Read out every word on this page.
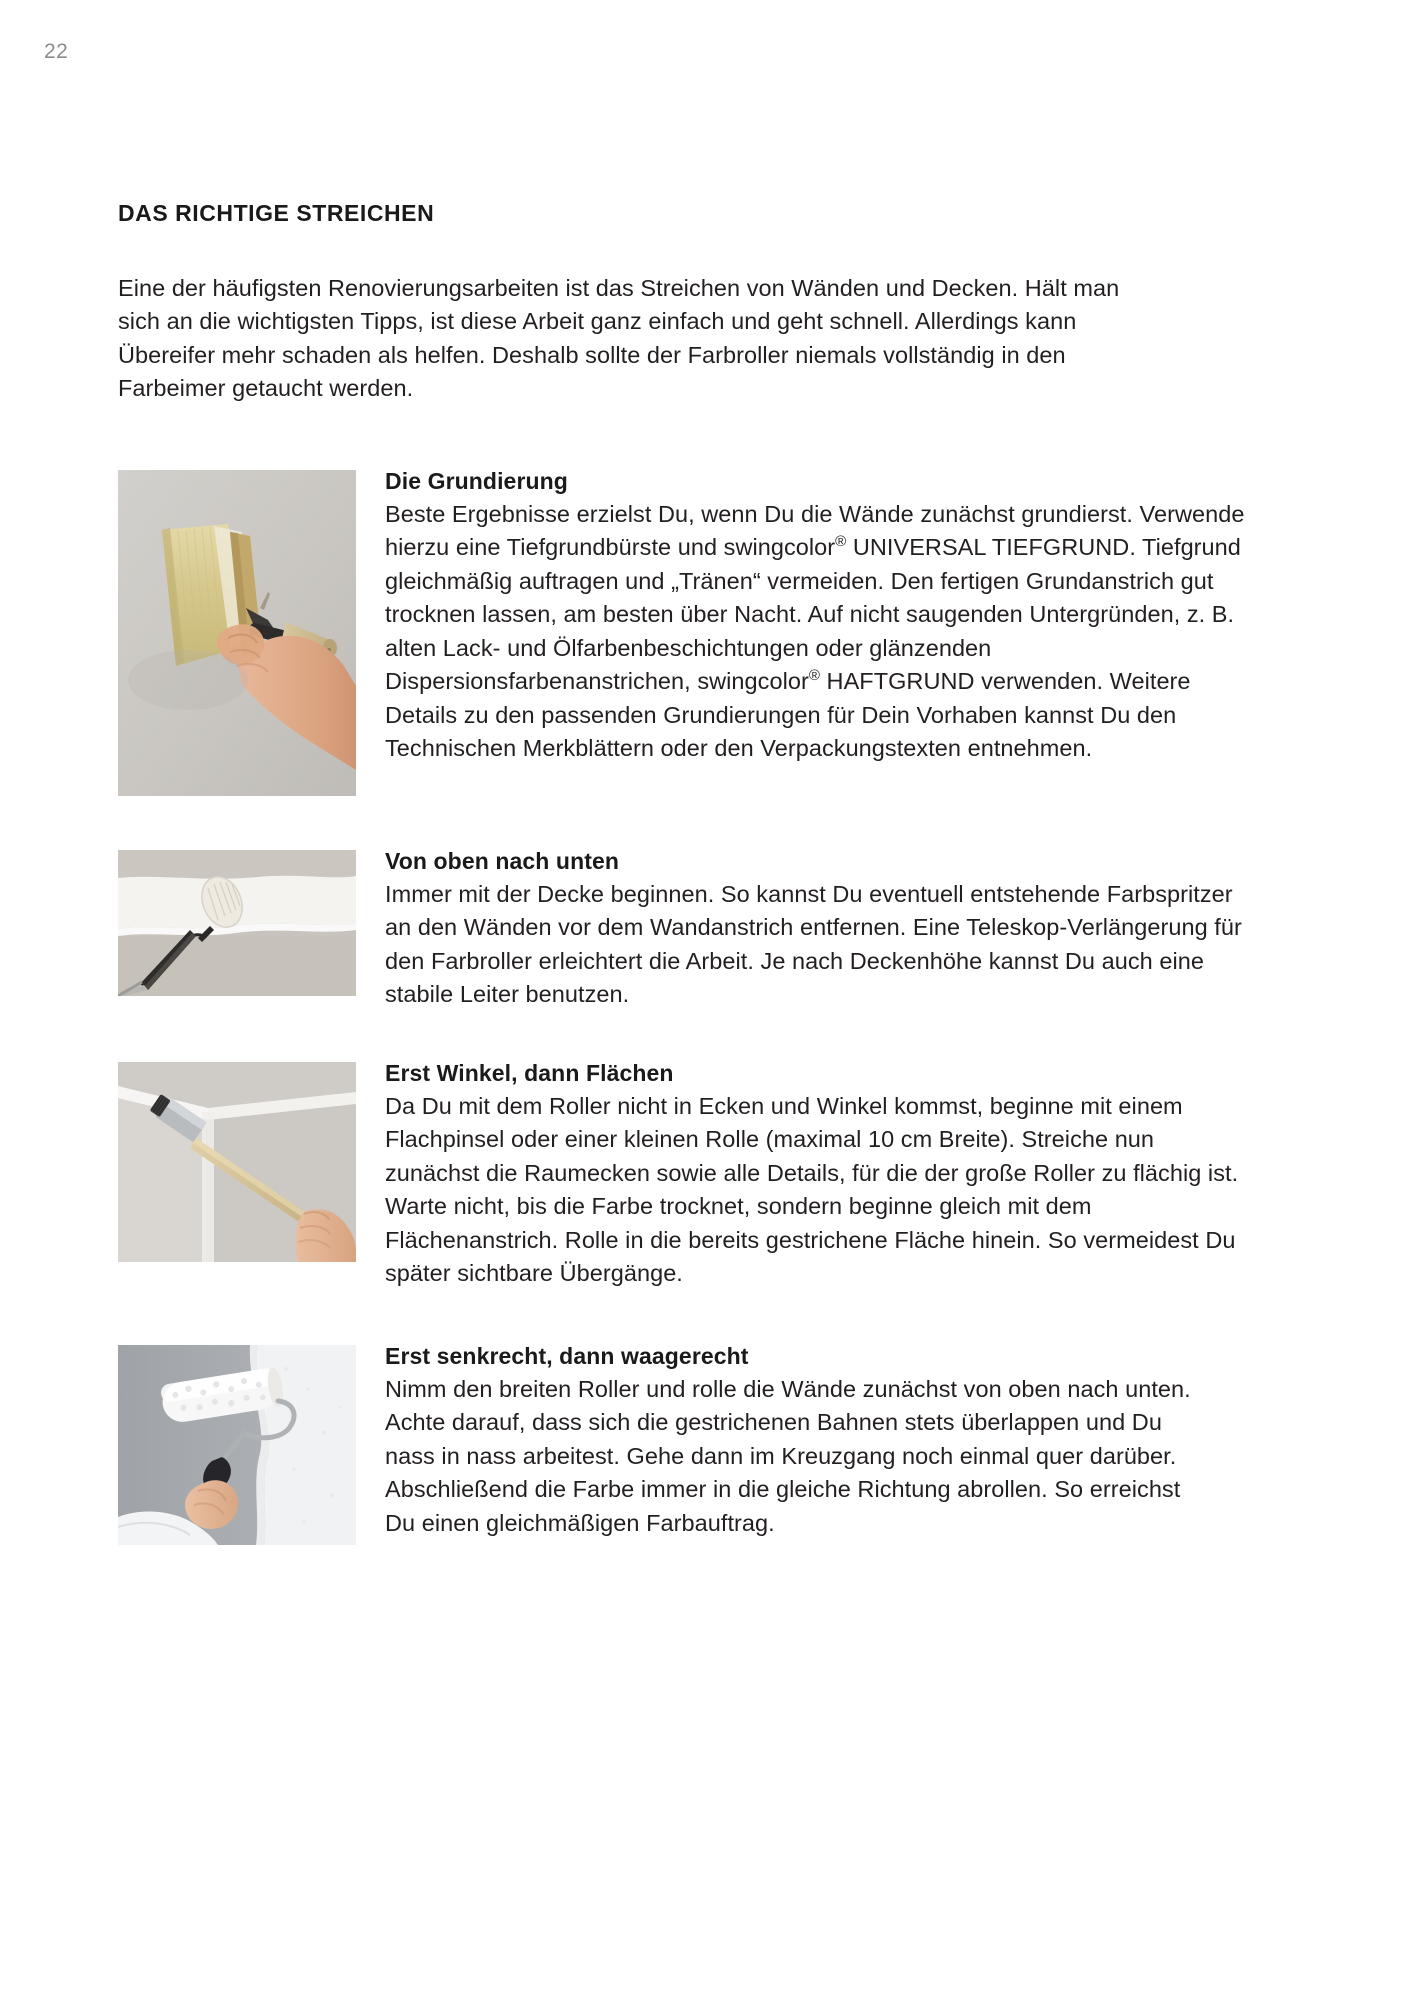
22
DAS RICHTIGE STREICHEN

Eine der häufigsten Renovierungsarbeiten ist das Streichen von Wänden und Decken. Hält man sich an die wichtigsten Tipps, ist diese Arbeit ganz einfach und geht schnell. Allerdings kann Übereifer mehr schaden als helfen. Deshalb sollte der Farbroller niemals vollständig in den Farbeimer getaucht werden.

Die Grundierung

Beste Ergebnisse erzielst Du, wenn Du die Wände zunächst grundierst. Verwende hierzu eine Tiefgrundbürste und swingcolor® UNIVERSAL TIEFGRUND. Tiefgrund gleichmäßig auftragen und „Tränen“ vermeiden. Den fertigen Grundanstrich gut trocknen lassen, am besten über Nacht. Auf nicht saugenden Untergründen, z. B. alten Lack- und Ölfarbenbeschichtungen oder glänzenden Dispersionsfarbenanstrichen, swingcolor® HAFTGRUND verwenden. Weitere Details zu den passenden Grundierungen für Dein Vorhaben kannst Du den Technischen Merkblättern oder den Verpackungstexten entnehmen.

Von oben nach unten

Immer mit der Decke beginnen. So kannst Du eventuell entstehende Farbspritzer an den Wänden vor dem Wandanstrich entfernen. Eine Teleskop-Verlängerung für den Farbroller erleichtert die Arbeit. Je nach Deckenhöhe kannst Du auch eine stabile Leiter benutzen.

Erst Winkel, dann Flächen

Da Du mit dem Roller nicht in Ecken und Winkel kommst, beginne mit einem Flachpinsel oder einer kleinen Rolle (maximal 10 cm Breite). Streiche nun zunächst die Raumecken sowie alle Details, für die der große Roller zu flächig ist. Warte nicht, bis die Farbe trocknet, sondern beginne gleich mit dem Flächenanstrich. Rolle in die bereits gestrichene Fläche hinein. So vermeidest Du später sichtbare Übergänge.

Erst senkrecht, dann waagerecht

Nimm den breiten Roller und rolle die Wände zunächst von oben nach unten. Achte darauf, dass sich die gestrichenen Bahnen stets überlappen und Du nass in nass arbeitest. Gehe dann im Kreuzgang noch einmal quer darüber. Abschließend die Farbe immer in die gleiche Richtung abrollen. So erreichst Du einen gleichmäßigen Farbauftrag.
